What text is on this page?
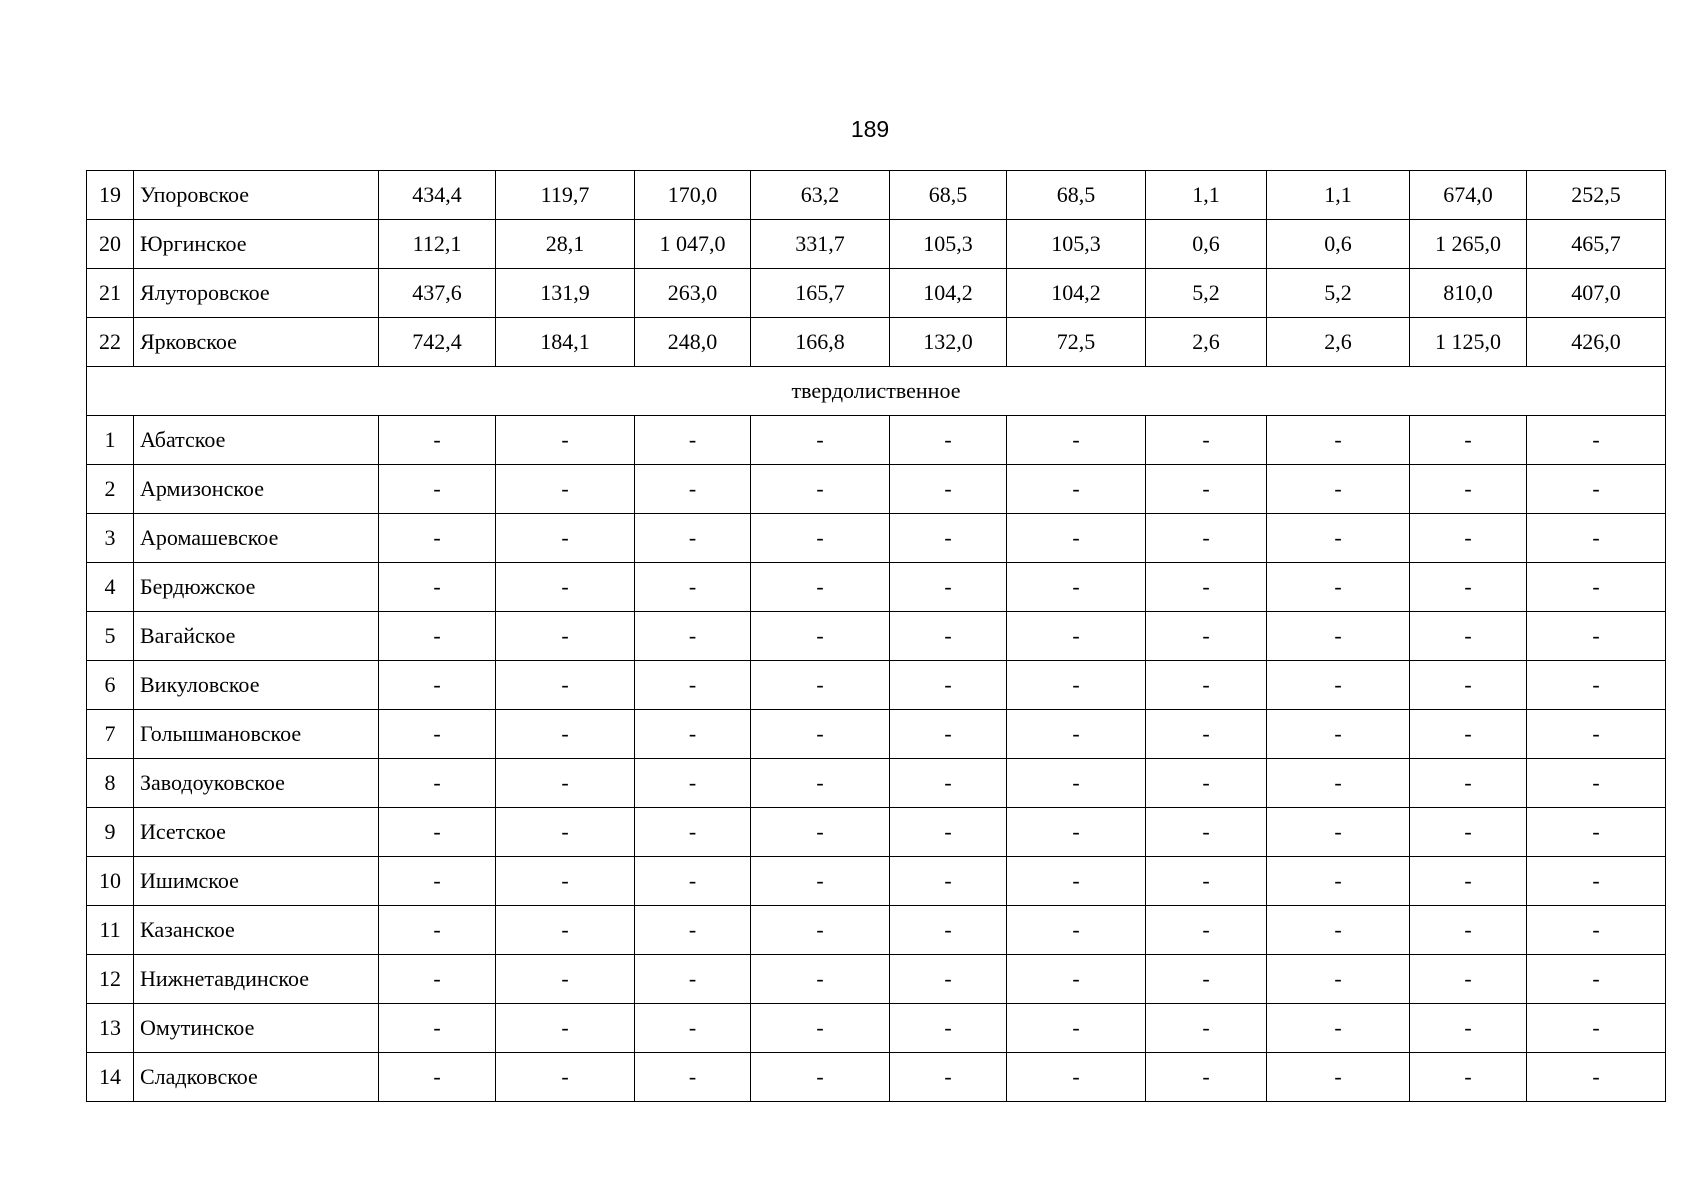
189
19	Упоровское	434,4	119,7	170,0	63,2	68,5	68,5	1,1	1,1	674,0	252,5
20	Юргинское	112,1	28,1	1 047,0	331,7	105,3	105,3	0,6	0,6	1 265,0	465,7
21	Ялуторовское	437,6	131,9	263,0	165,7	104,2	104,2	5,2	5,2	810,0	407,0
22	Ярковское	742,4	184,1	248,0	166,8	132,0	72,5	2,6	2,6	1 125,0	426,0
твердолиственное											
1	Абатское	-	-	-	-	-	-	-	-	-	-
2	Армизонское	-	-	-	-	-	-	-	-	-	-
3	Аромашевское	-	-	-	-	-	-	-	-	-	-
4	Бердюжское	-	-	-	-	-	-	-	-	-	-
5	Вагайское	-	-	-	-	-	-	-	-	-	-
6	Викуловское	-	-	-	-	-	-	-	-	-	-
7	Голышмановское	-	-	-	-	-	-	-	-	-	-
8	Заводоуковское	-	-	-	-	-	-	-	-	-	-
9	Исетское	-	-	-	-	-	-	-	-	-	-
10	Ишимское	-	-	-	-	-	-	-	-	-	-
11	Казанское	-	-	-	-	-	-	-	-	-	-
12	Нижнетавдинское	-	-	-	-	-	-	-	-	-	-
13	Омутинское	-	-	-	-	-	-	-	-	-	-
14	Сладковское	-	-	-	-	-	-	-	-	-	-
